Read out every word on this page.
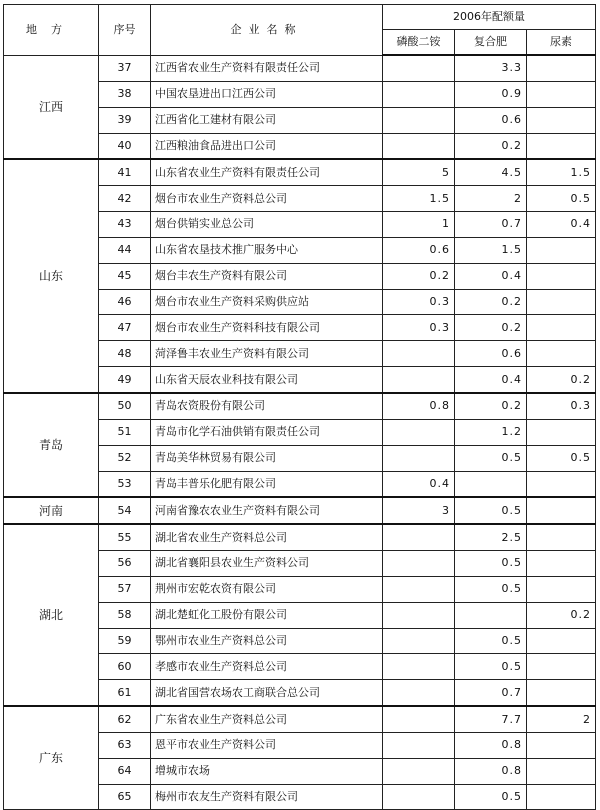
地方	序号	企业名称	2006年配额量		
			磷酸二铵	复合肥	尿素
江西	37	江西省农业生产资料有限责任公司		3.3	
	38	中国农垦进出口江西公司		0.9	
	39	江西省化工建材有限公司		0.6	
	40	江西粮油食品进出口公司		0.2	
山东	41	山东省农业生产资料有限责任公司	5	4.5	1.5
	42	烟台市农业生产资料总公司	1.5	2	0.5
	43	烟台供销实业总公司	1	0.7	0.4
	44	山东省农垦技术推广服务中心	0.6	1.5	
	45	烟台丰农生产资料有限公司	0.2	0.4	
	46	烟台市农业生产资料采购供应站	0.3	0.2	
	47	烟台市农业生产资料科技有限公司	0.3	0.2	
	48	菏泽鲁丰农业生产资料有限公司		0.6	
	49	山东省天辰农业科技有限公司		0.4	0.2
青岛	50	青岛农资股份有限公司	0.8	0.2	0.3
	51	青岛市化学石油供销有限责任公司		1.2	
	52	青岛美华林贸易有限公司		0.5	0.5
	53	青岛丰普乐化肥有限公司	0.4		
河南	54	河南省豫农农业生产资料有限公司	3	0.5	
湖北	55	湖北省农业生产资料总公司		2.5	
	56	湖北省襄阳县农业生产资料公司		0.5	
	57	荆州市宏乾农资有限公司		0.5	
	58	湖北楚虹化工股份有限公司			0.2
	59	鄂州市农业生产资料总公司		0.5	
	60	孝感市农业生产资料总公司		0.5	
	61	湖北省国营农场农工商联合总公司		0.7	
广东	62	广东省农业生产资料总公司		7.7	2
	63	恩平市农业生产资料公司		0.8	
	64	增城市农场		0.8	
	65	梅州市农友生产资料有限公司		0.5	
